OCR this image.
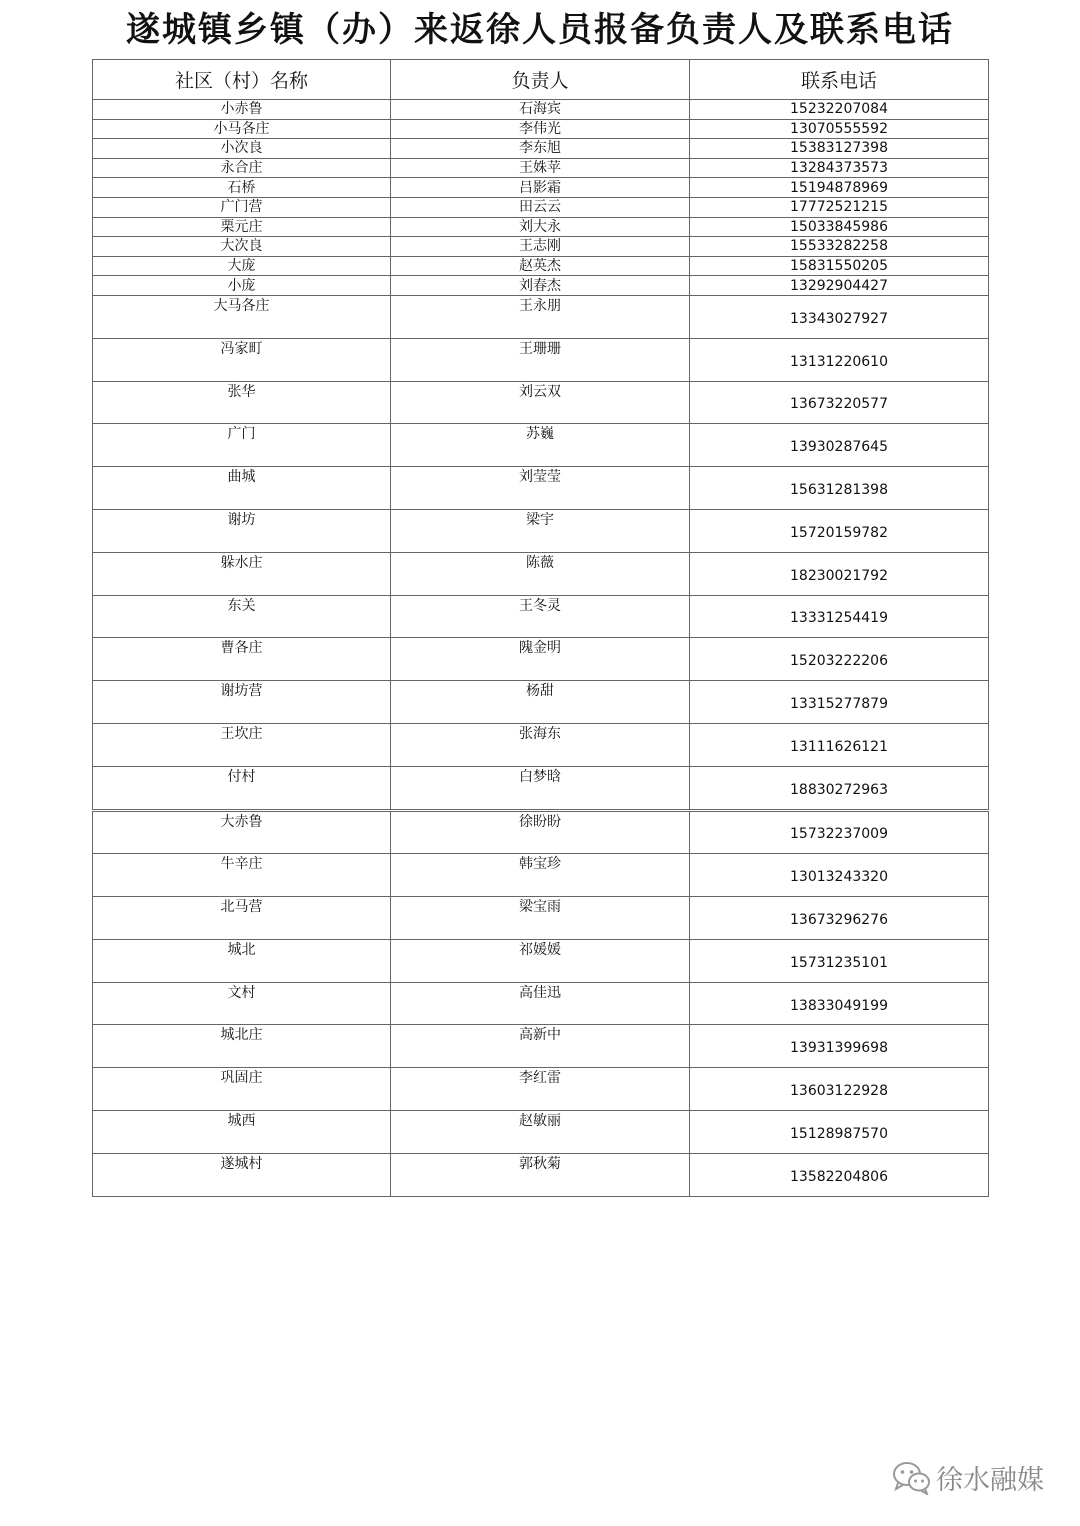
遂城镇乡镇（办）来返徐人员报备负责人及联系电话
社区（村）名称	负责人	联系电话
小赤鲁	石海宾	15232207084
小马各庄	李伟光	13070555592
小次良	李东旭	15383127398
永合庄	王姝苹	13284373573
石桥	吕影霜	15194878969
广门营	田云云	17772521215
栗元庄	刘大永	15033845986
大次良	王志刚	15533282258
大庞	赵英杰	15831550205
小庞	刘春杰	13292904427
大马各庄	王永朋	13343027927
冯家町	王珊珊	13131220610
张华	刘云双	13673220577
广门	苏巍	13930287645
曲城	刘莹莹	15631281398
谢坊	梁宇	15720159782
躲水庄	陈薇	18230021792
东关	王冬灵	13331254419
曹各庄	隗金明	15203222206
谢坊营	杨甜	13315277879
王坎庄	张海东	13111626121
付村	白梦晗	18830272963
大赤鲁	徐盼盼	15732237009
牛辛庄	韩宝珍	13013243320
北马营	梁宝雨	13673296276
城北	祁媛媛	15731235101
文村	高佳迅	13833049199
城北庄	高新中	13931399698
巩固庄	李红雷	13603122928
城西	赵敏丽	15128987570
遂城村	郭秋菊	13582204806
徐水融媒
